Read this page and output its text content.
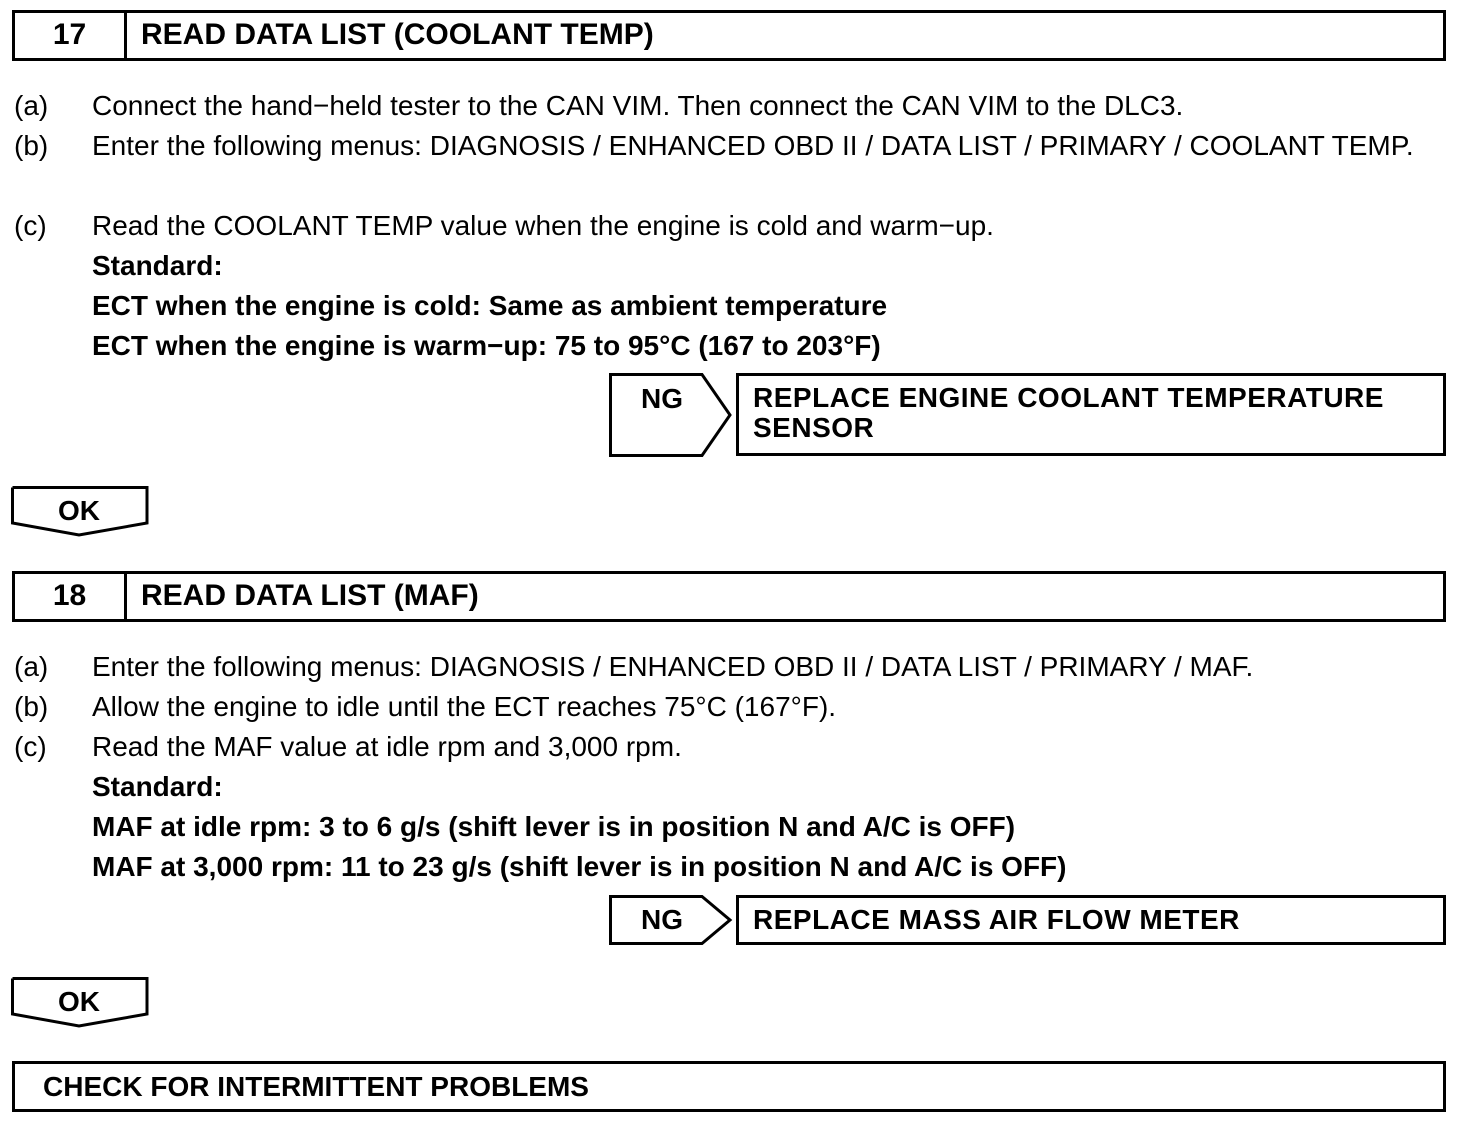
17	READ DATA LIST (COOLANT TEMP)
(a) Connect the hand−held tester to the CAN VIM. Then connect the CAN VIM to the DLC3.
(b) Enter the following menus: DIAGNOSIS / ENHANCED OBD II / DATA LIST / PRIMARY / COOLANT TEMP.
(c) Read the COOLANT TEMP value when the engine is cold and warm−up.
Standard:
ECT when the engine is cold: Same as ambient temperature
ECT when the engine is warm−up: 75 to 95°C (167 to 203°F)
NG	REPLACE ENGINE COOLANT TEMPERATURE SENSOR
OK
18	READ DATA LIST (MAF)
(a) Enter the following menus: DIAGNOSIS / ENHANCED OBD II / DATA LIST / PRIMARY / MAF.
(b) Allow the engine to idle until the ECT reaches 75°C (167°F).
(c) Read the MAF value at idle rpm and 3,000 rpm.
Standard:
MAF at idle rpm: 3 to 6 g/s (shift lever is in position N and A/C is OFF)
MAF at 3,000 rpm: 11 to 23 g/s (shift lever is in position N and A/C is OFF)
NG	REPLACE MASS AIR FLOW METER
OK
CHECK FOR INTERMITTENT PROBLEMS
